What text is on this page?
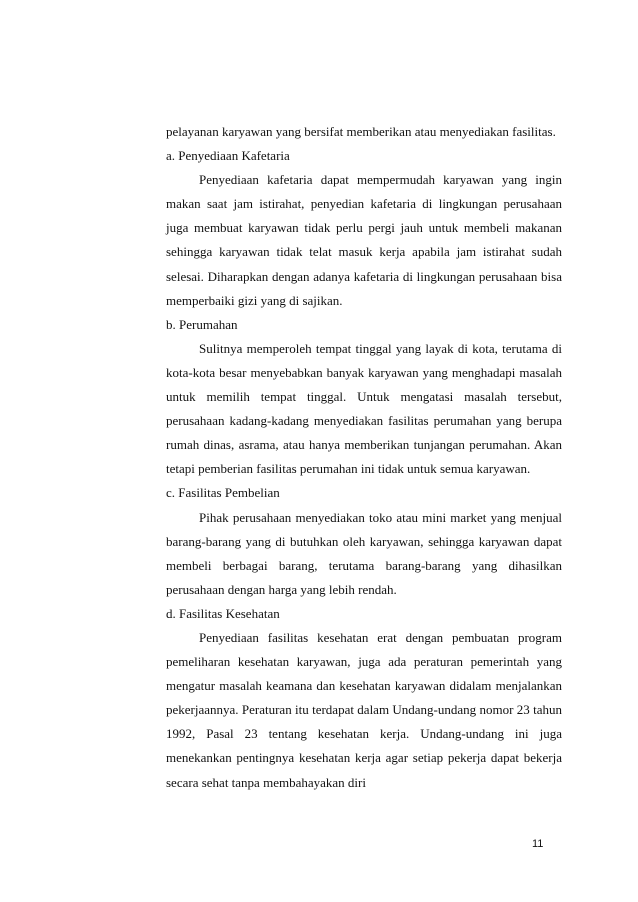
pelayanan karyawan yang bersifat memberikan atau menyediakan fasilitas.

a. Penyediaan Kafetaria

Penyediaan kafetaria dapat mempermudah karyawan yang ingin makan saat jam istirahat, penyedian kafetaria di lingkungan perusahaan juga membuat karyawan tidak perlu pergi jauh untuk membeli makanan sehingga karyawan tidak telat masuk kerja apabila jam istirahat sudah selesai. Diharapkan dengan adanya kafetaria di lingkungan perusahaan bisa memperbaiki gizi yang di sajikan.

b. Perumahan

Sulitnya memperoleh tempat tinggal yang layak di kota, terutama di kota-kota besar menyebabkan banyak karyawan yang menghadapi masalah untuk memilih tempat tinggal. Untuk mengatasi masalah tersebut, perusahaan kadang-kadang menyediakan fasilitas perumahan yang berupa rumah dinas, asrama, atau hanya memberikan tunjangan perumahan. Akan tetapi pemberian fasilitas perumahan ini tidak untuk semua karyawan.

c. Fasilitas Pembelian

Pihak perusahaan menyediakan toko atau mini market yang menjual barang-barang yang di butuhkan oleh karyawan, sehingga karyawan dapat membeli berbagai barang, terutama barang-barang yang dihasilkan perusahaan dengan harga yang lebih rendah.

d. Fasilitas Kesehatan

Penyediaan fasilitas kesehatan erat dengan pembuatan program pemeliharan kesehatan karyawan, juga ada peraturan pemerintah yang mengatur masalah keamana dan kesehatan karyawan didalam menjalankan pekerjaannya. Peraturan itu terdapat dalam Undang-undang nomor 23 tahun 1992, Pasal 23 tentang kesehatan kerja. Undang-undang ini juga menekankan pentingnya kesehatan kerja agar setiap pekerja dapat bekerja secara sehat tanpa membahayakan diri

11
